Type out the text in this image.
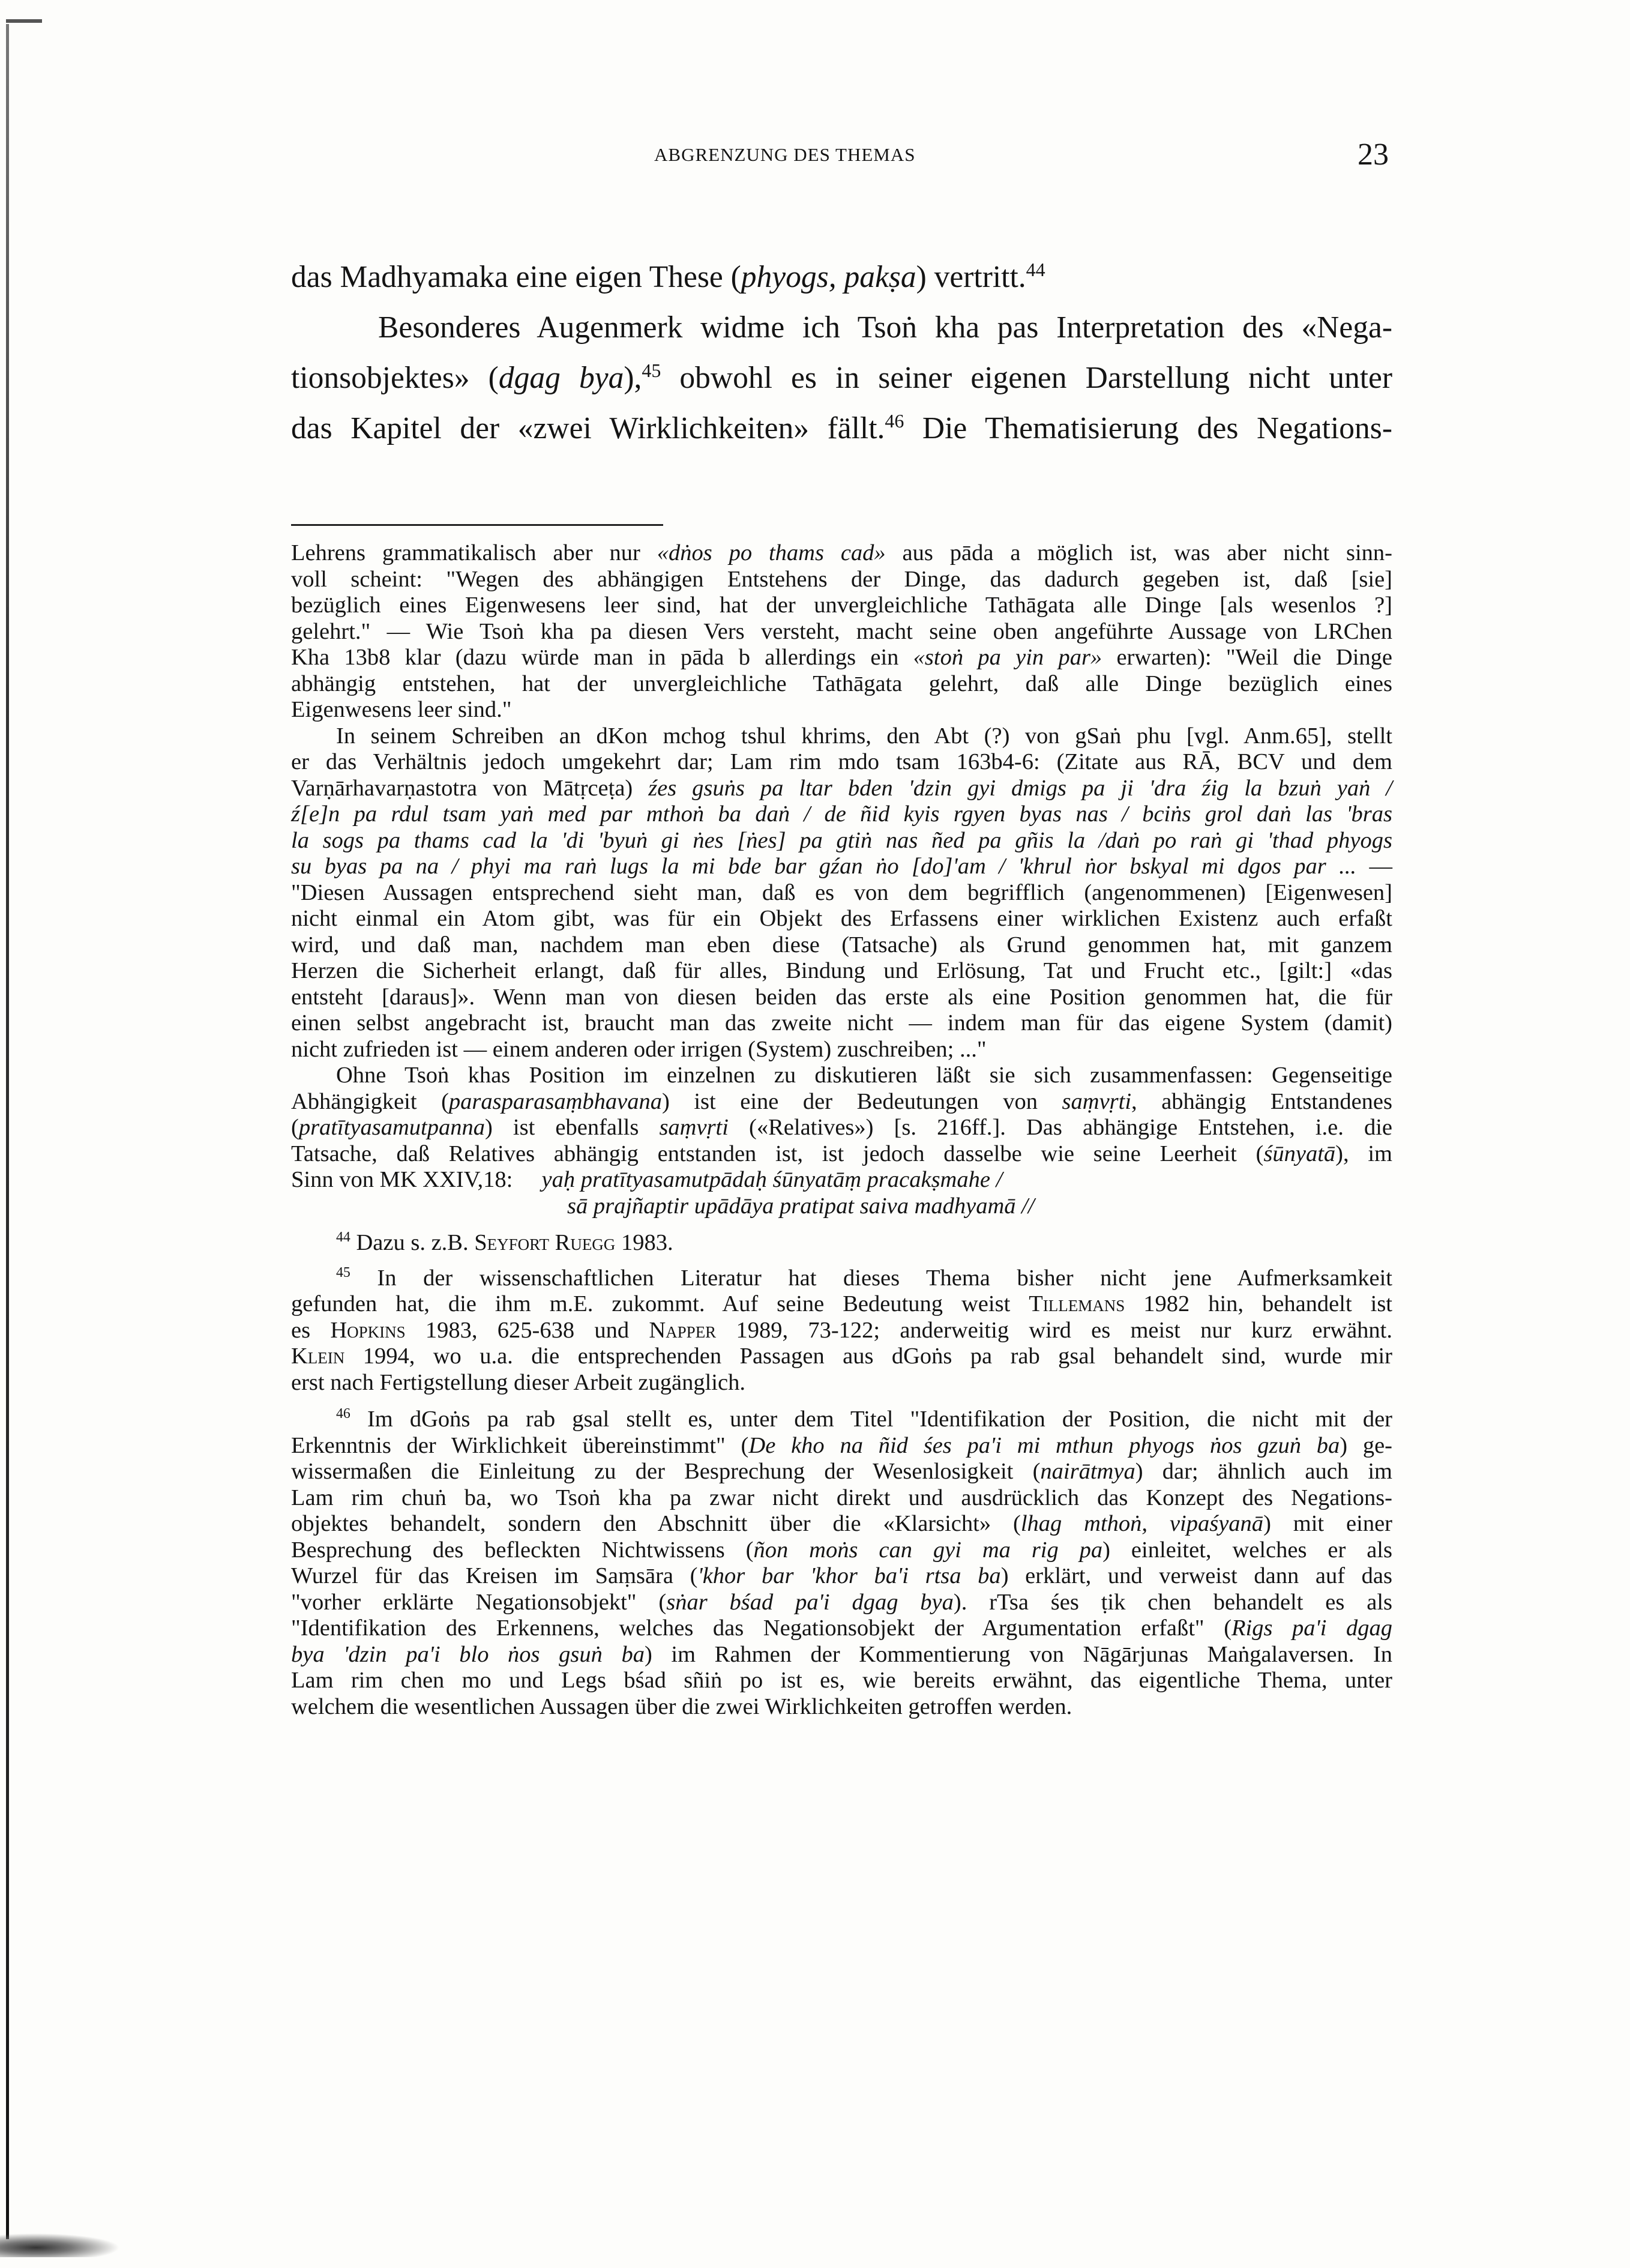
ABGRENZUNG DES THEMAS	23
das Madhyamaka eine eigen These (phyogs, pakṣa) vertritt.$^{44}$
Besonderes Augenmerk widme ich Tsoṅ kha pas Interpretation des «Nega-
tionsobjektes» (dgag bya),$^{45}$ obwohl es in seiner eigenen Darstellung nicht unter
das Kapitel der «zwei Wirklichkeiten» fällt.$^{46}$ Die Thematisierung des Negations-
Lehrens grammatikalisch aber nur «dṅos po thams cad» aus pāda a möglich ist, was aber nicht sinn-
voll scheint: "Wegen des abhängigen Entstehens der Dinge, das dadurch gegeben ist, daß [sie]
bezüglich eines Eigenwesens leer sind, hat der unvergleichliche Tathāgata alle Dinge [als wesenlos ?]
gelehrt." — Wie Tsoṅ kha pa diesen Vers versteht, macht seine oben angeführte Aussage von LRChen
Kha 13b8 klar (dazu würde man in pāda b allerdings ein «stoṅ pa yin par» erwarten): "Weil die Dinge
abhängig entstehen, hat der unvergleichliche Tathāgata gelehrt, daß alle Dinge bezüglich eines
Eigenwesens leer sind."
In seinem Schreiben an dKon mchog tshul khrims, den Abt (?) von gSaṅ phu [vgl. Anm.65], stellt
er das Verhältnis jedoch umgekehrt dar; Lam rim mdo tsam 163b4-6: (Zitate aus RĀ, BCV und dem
Varṇārhavarṇastotra von Mātṛceṭa) źes gsuṅs pa ltar bden 'dzin gyi dmigs pa ji 'dra źig la bzuṅ yaṅ /
ź[e]n pa rdul tsam yaṅ med par mthoṅ ba daṅ / de ñid kyis rgyen byas nas / bciṅs grol daṅ las 'bras
la sogs pa thams cad la 'di 'byuṅ gi ṅes [ṅes] pa gtiṅ nas ñed pa gñis la /daṅ po raṅ gi 'thad phyogs
su byas pa na / phyi ma raṅ lugs la mi bde bar gźan ṅo [do]'am / 'khrul ṅor bskyal mi dgos par ... —
"Diesen Aussagen entsprechend sieht man, daß es von dem begrifflich (angenommenen) [Eigenwesen]
nicht einmal ein Atom gibt, was für ein Objekt des Erfassens einer wirklichen Existenz auch erfaßt
wird, und daß man, nachdem man eben diese (Tatsache) als Grund genommen hat, mit ganzem
Herzen die Sicherheit erlangt, daß für alles, Bindung und Erlösung, Tat und Frucht etc., [gilt:] «das
entsteht [daraus]». Wenn man von diesen beiden das erste als eine Position genommen hat, die für
einen selbst angebracht ist, braucht man das zweite nicht — indem man für das eigene System (damit)
nicht zufrieden ist — einem anderen oder irrigen (System) zuschreiben; ..."
Ohne Tsoṅ khas Position im einzelnen zu diskutieren läßt sie sich zusammenfassen: Gegenseitige
Abhängigkeit (parasparasaṃbhavana) ist eine der Bedeutungen von saṃvṛti, abhängig Entstandenes
(pratītyasamutpanna) ist ebenfalls saṃvṛti («Relatives») [s. 216ff.]. Das abhängige Entstehen, i.e. die
Tatsache, daß Relatives abhängig entstanden ist, ist jedoch dasselbe wie seine Leerheit (śūnyatā), im
Sinn von MK XXIV,18:     yaḥ pratītyasamutpādaḥ śūnyatāṃ pracakṣmahe /
sā prajñaptir upādāya pratipat saiva madhyamā //
$^{44}$ Dazu s. z.B. Seyfort Ruegg 1983.
$^{45}$ In der wissenschaftlichen Literatur hat dieses Thema bisher nicht jene Aufmerksamkeit
gefunden hat, die ihm m.E. zukommt. Auf seine Bedeutung weist Tillemans 1982 hin, behandelt ist
es Hopkins 1983, 625-638 und Napper 1989, 73-122; anderweitig wird es meist nur kurz erwähnt.
Klein 1994, wo u.a. die entsprechenden Passagen aus dGoṅs pa rab gsal behandelt sind, wurde mir
erst nach Fertigstellung dieser Arbeit zugänglich.
$^{46}$ Im dGoṅs pa rab gsal stellt es, unter dem Titel "Identifikation der Position, die nicht mit der
Erkenntnis der Wirklichkeit übereinstimmt" (De kho na ñid śes pa'i mi mthun phyogs ṅos gzuṅ ba) ge-
wissermaßen die Einleitung zu der Besprechung der Wesenlosigkeit (nairātmya) dar; ähnlich auch im
Lam rim chuṅ ba, wo Tsoṅ kha pa zwar nicht direkt und ausdrücklich das Konzept des Negations-
objektes behandelt, sondern den Abschnitt über die «Klarsicht» (lhag mthoṅ, vipaśyanā) mit einer
Besprechung des befleckten Nichtwissens (ñon moṅs can gyi ma rig pa) einleitet, welches er als
Wurzel für das Kreisen im Saṃsāra ('khor bar 'khor ba'i rtsa ba) erklärt, und verweist dann auf das
"vorher erklärte Negationsobjekt" (sṅar bśad pa'i dgag bya). rTsa śes ṭik chen behandelt es als
"Identifikation des Erkennens, welches das Negationsobjekt der Argumentation erfaßt" (Rigs pa'i dgag
bya 'dzin pa'i blo ṅos gsuṅ ba) im Rahmen der Kommentierung von Nāgārjunas Maṅgalaversen. In
Lam rim chen mo und Legs bśad sñiṅ po ist es, wie bereits erwähnt, das eigentliche Thema, unter
welchem die wesentlichen Aussagen über die zwei Wirklichkeiten getroffen werden.
